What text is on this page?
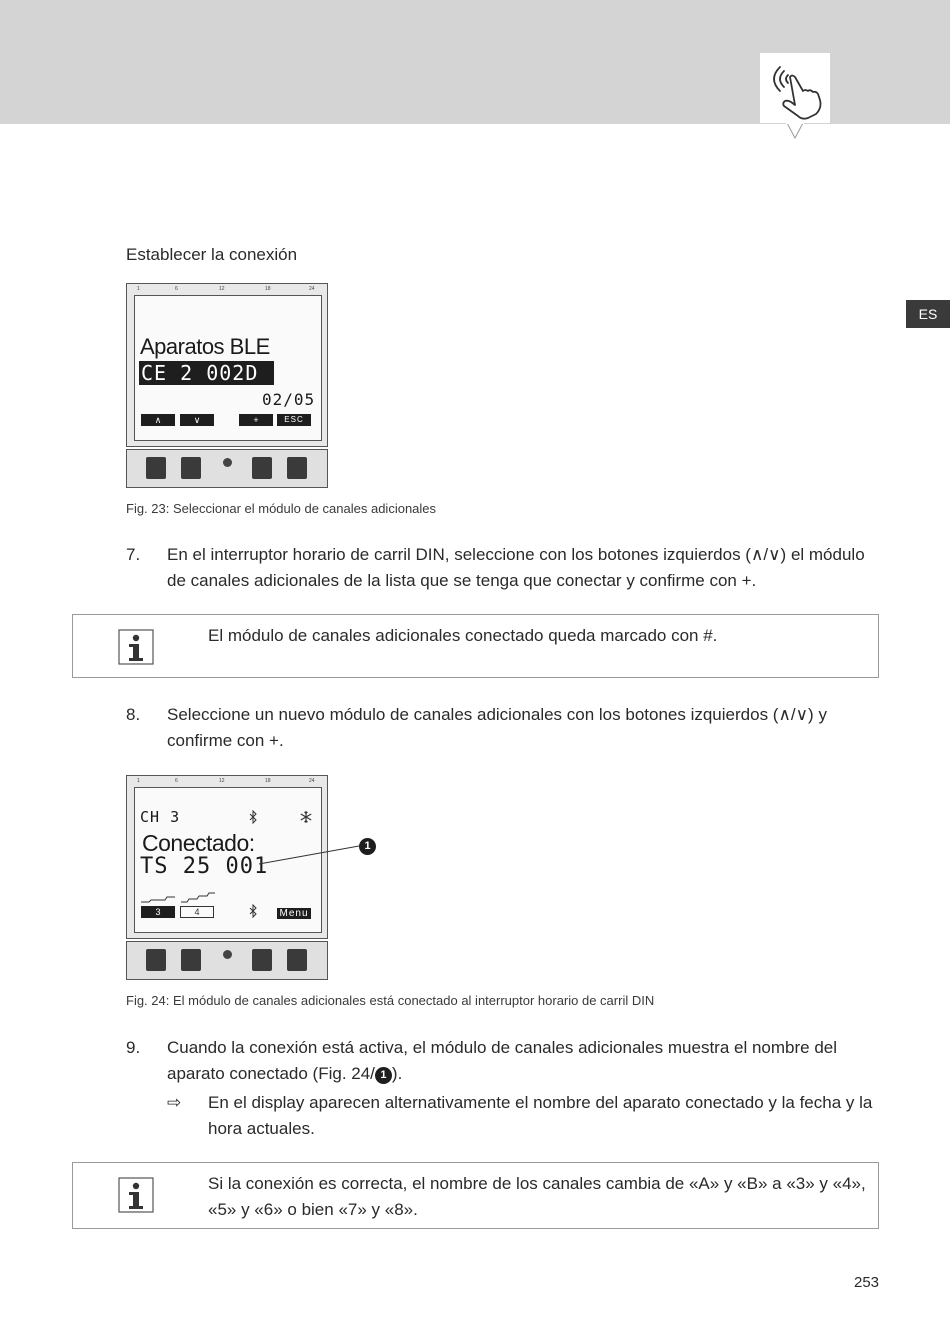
ES
Establecer la conexión
1	6	12	18	24
Aparatos BLE
CE 2 002D
02/05
∧	∨	+	ESC
Fig. 23: Seleccionar el módulo de canales adicionales
7. En el interruptor horario de carril DIN, seleccione con los botones izquierdos (∧/∨) el módulo de canales adicionales de la lista que se tenga que conectar y confirme con +.
El módulo de canales adicionales conectado queda marcado con #.
8. Seleccione un nuevo módulo de canales adicionales con los botones izquierdos (∧/∨) y confirme con +.
1	6	12	18	24
CH 3
Conectado:
TS 25 001
3	4	Menu
1
Fig. 24: El módulo de canales adicionales está conectado al interruptor horario de carril DIN
9. Cuando la conexión está activa, el módulo de canales adicionales muestra el nombre del aparato conectado (Fig. 24/ 1 ).
⇨ En el display aparecen alternativamente el nombre del aparato conectado y la fecha y la hora actuales.
Si la conexión es correcta, el nombre de los canales cambia de «A» y «B» a «3» y «4», «5» y «6» o bien «7» y «8».
253
